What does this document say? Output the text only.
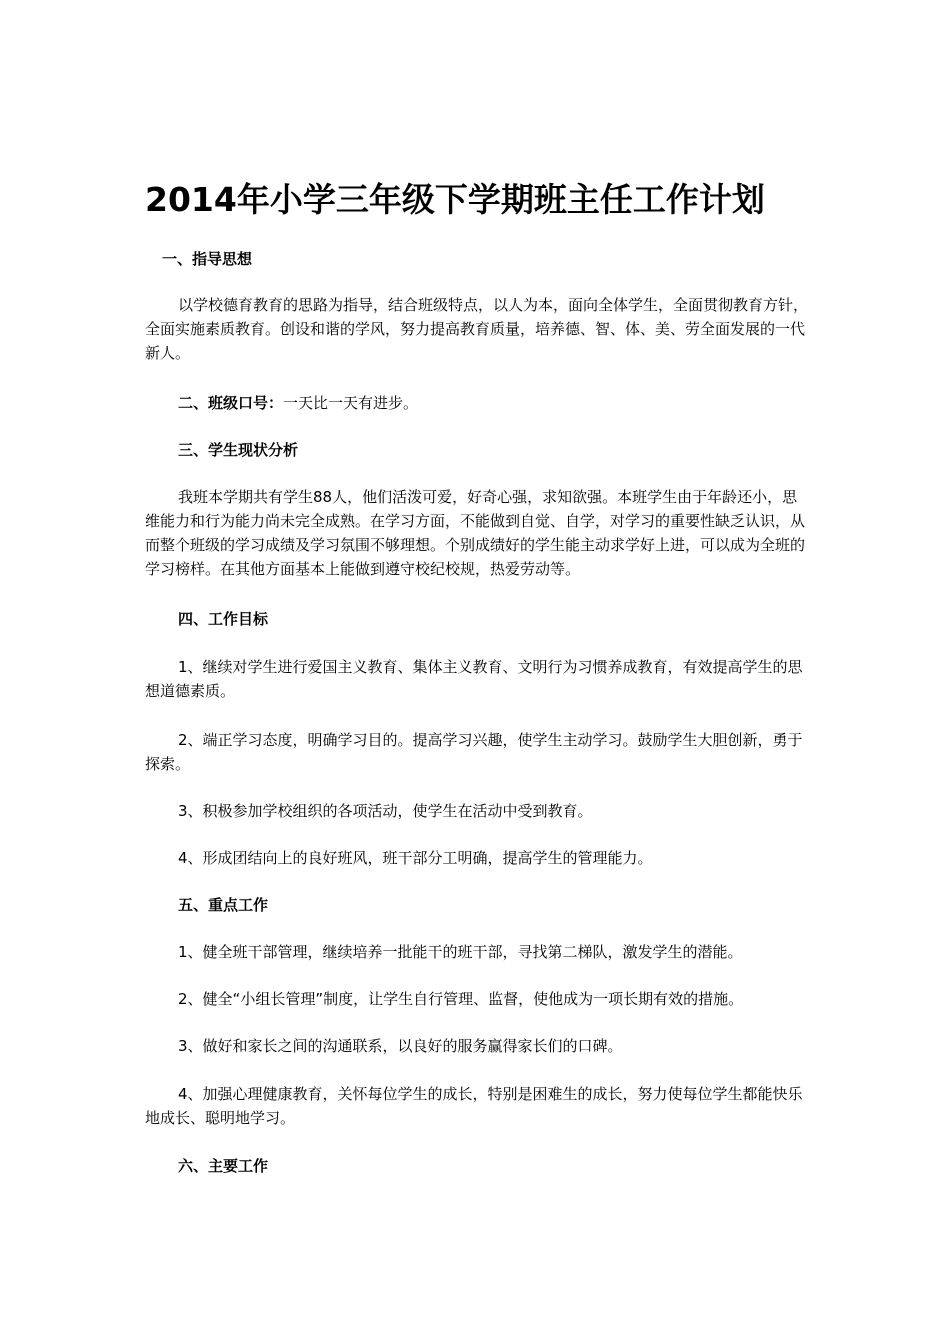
2014年小学三年级下学期班主任工作计划

一、指导思想

以学校德育教育的思路为指导，结合班级特点，以人为本，面向全体学生，全面贯彻教育方针，全面实施素质教育。创设和谐的学风，努力提高教育质量，培养德、智、体、美、劳全面发展的一代新人。

二、班级口号：一天比一天有进步。

三、学生现状分析

我班本学期共有学生88人，他们活泼可爱，好奇心强，求知欲强。本班学生由于年龄还小，思维能力和行为能力尚未完全成熟。在学习方面，不能做到自觉、自学，对学习的重要性缺乏认识，从而整个班级的学习成绩及学习氛围不够理想。个别成绩好的学生能主动求学好上进，可以成为全班的学习榜样。在其他方面基本上能做到遵守校纪校规，热爱劳动等。

四、工作目标

1、继续对学生进行爱国主义教育、集体主义教育、文明行为习惯养成教育，有效提高学生的思想道德素质。

2、端正学习态度，明确学习目的。提高学习兴趣，使学生主动学习。鼓励学生大胆创新，勇于探索。

3、积极参加学校组织的各项活动，使学生在活动中受到教育。

4、形成团结向上的良好班风，班干部分工明确，提高学生的管理能力。

五、重点工作

1、健全班干部管理，继续培养一批能干的班干部，寻找第二梯队，激发学生的潜能。

2、健全“小组长管理”制度，让学生自行管理、监督，使他成为一项长期有效的措施。

3、做好和家长之间的沟通联系，以良好的服务赢得家长们的口碑。

4、加强心理健康教育，关怀每位学生的成长，特别是困难生的成长，努力使每位学生都能快乐地成长、聪明地学习。

六、主要工作
